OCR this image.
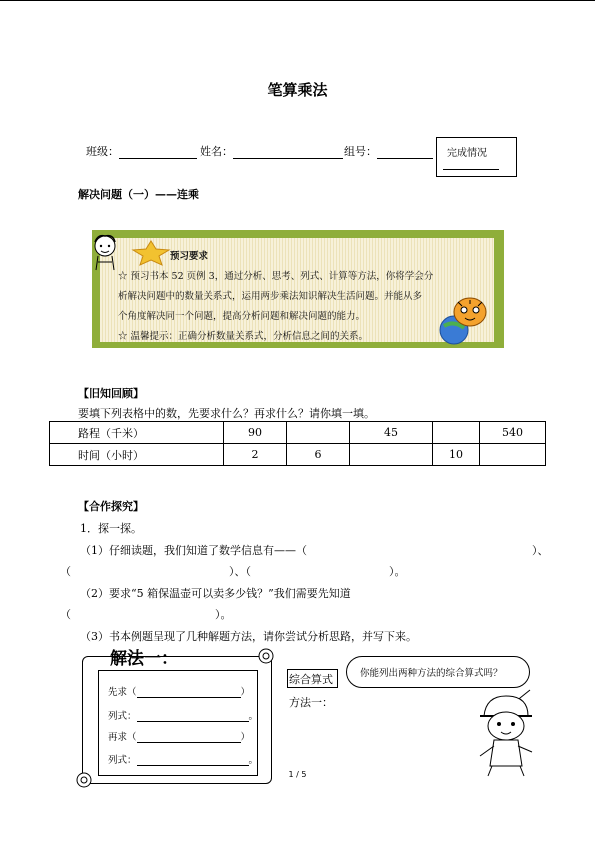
笔算乘法
班级：	姓名：	组号：	完成情况
解决问题（一）——连乘
预习要求
☆ 预习书本 52 页例 3，通过分析、思考、列式、计算等方法，你将学会分
析解决问题中的数量关系式，运用两步乘法知识解决生活问题。并能从多
个角度解决同一个问题，提高分析问题和解决问题的能力。
☆ 温馨提示：正确分析数量关系式，分析信息之间的关系。
【旧知回顾】
要填下列表格中的数，先要求什么？再求什么？请你填一填。
路程（千米）	90		45		540
时间（小时）	2	6		10	
【合作探究】
1．探一探。
（1）仔细读题，我们知道了数学信息有——（	）、
（	）、（	）。
（2）要求“5 箱保温壶可以卖多少钱？”我们需要先知道
（	）。
（3）书本例题呈现了几种解题方法，请你尝试分析思路，并写下来。
解法一：
先求（	）
列式：	。
再求（	）
列式：	。
综合算式
方法一：
你能列出两种方法的综合算式吗？
1 / 5
